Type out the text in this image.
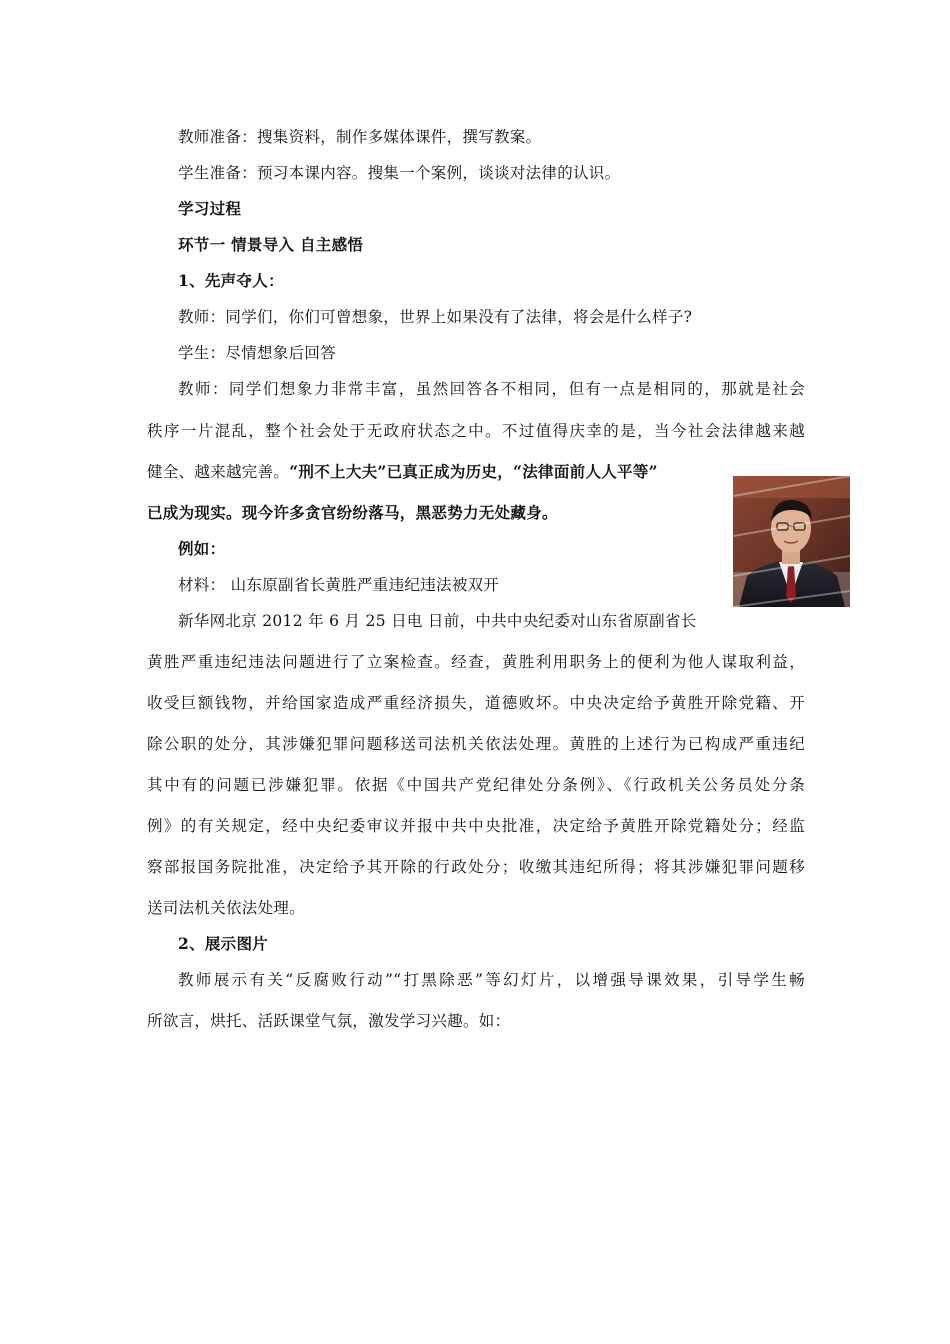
教师准备：搜集资料，制作多媒体课件，撰写教案。
学生准备：预习本课内容。搜集一个案例，谈谈对法律的认识。
学习过程
环节一 情景导入 自主感悟
1、先声夺人：
教师：同学们，你们可曾想象，世界上如果没有了法律，将会是什么样子?
学生：尽情想象后回答
教师：同学们想象力非常丰富，虽然回答各不相同，但有一点是相同的，那就是社会
秩序一片混乱，整个社会处于无政府状态之中。不过值得庆幸的是，当今社会法律越来越
健全、越来越完善。“刑不上大夫”已真正成为历史，“法律面前人人平等”
已成为现实。现今许多贪官纷纷落马，黑恶势力无处藏身。
例如：
材料： 山东原副省长黄胜严重违纪违法被双开
新华网北京 2012 年 6 月 25 日电 日前，中共中央纪委对山东省原副省长
黄胜严重违纪违法问题进行了立案检查。经查，黄胜利用职务上的便利为他人谋取利益，
收受巨额钱物，并给国家造成严重经济损失，道德败坏。中央决定给予黄胜开除党籍、开
除公职的处分，其涉嫌犯罪问题移送司法机关依法处理。黄胜的上述行为已构成严重违纪
其中有的问题已涉嫌犯罪。依据《中国共产党纪律处分条例》、《行政机关公务员处分条
例》的有关规定，经中央纪委审议并报中共中央批准，决定给予黄胜开除党籍处分；经监
察部报国务院批准，决定给予其开除的行政处分；收缴其违纪所得；将其涉嫌犯罪问题移
送司法机关依法处理。
2、展示图片
教师展示有关“反腐败行动”“打黑除恶”等幻灯片，以增强导课效果，引导学生畅
所欲言，烘托、活跃课堂气氛，激发学习兴趣。如：
